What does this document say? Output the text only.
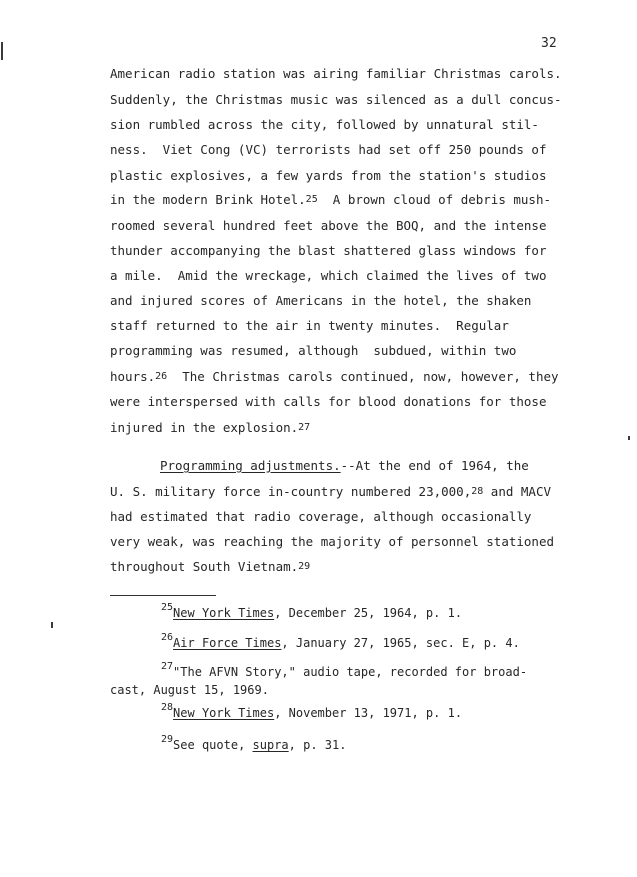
32
American radio station was airing familiar Christmas carols.
Suddenly, the Christmas music was silenced as a dull concus-
sion rumbled across the city, followed by unnatural stil-
ness.  Viet Cong (VC) terrorists had set off 250 pounds of
plastic explosives, a few yards from the station's studios
in the modern Brink Hotel.$^{25}$  A brown cloud of debris mush-
roomed several hundred feet above the BOQ, and the intense
thunder accompanying the blast shattered glass windows for
a mile.  Amid the wreckage, which claimed the lives of two
and injured scores of Americans in the hotel, the shaken
staff returned to the air in twenty minutes.  Regular
programming was resumed, although  subdued, within two
hours.$^{26}$  The Christmas carols continued, now, however, they
were interspersed with calls for blood donations for those
injured in the explosion.$^{27}$
Programming adjustments.--At the end of 1964, the
U. S. military force in-country numbered 23,000,28 and MACV
had estimated that radio coverage, although occasionally
very weak, was reaching the majority of personnel stationed
throughout South Vietnam.$^{29}$
$^{25}$New York Times, December 25, 1964, p. 1.
$^{26}$Air Force Times, January 27, 1965, sec. E, p. 4.
$^{27}$"The AFVN Story," audio tape, recorded for broad-
cast, August 15, 1969.
$^{28}$New York Times, November 13, 1971, p. 1.
$^{29}$See quote, supra, p. 31.
